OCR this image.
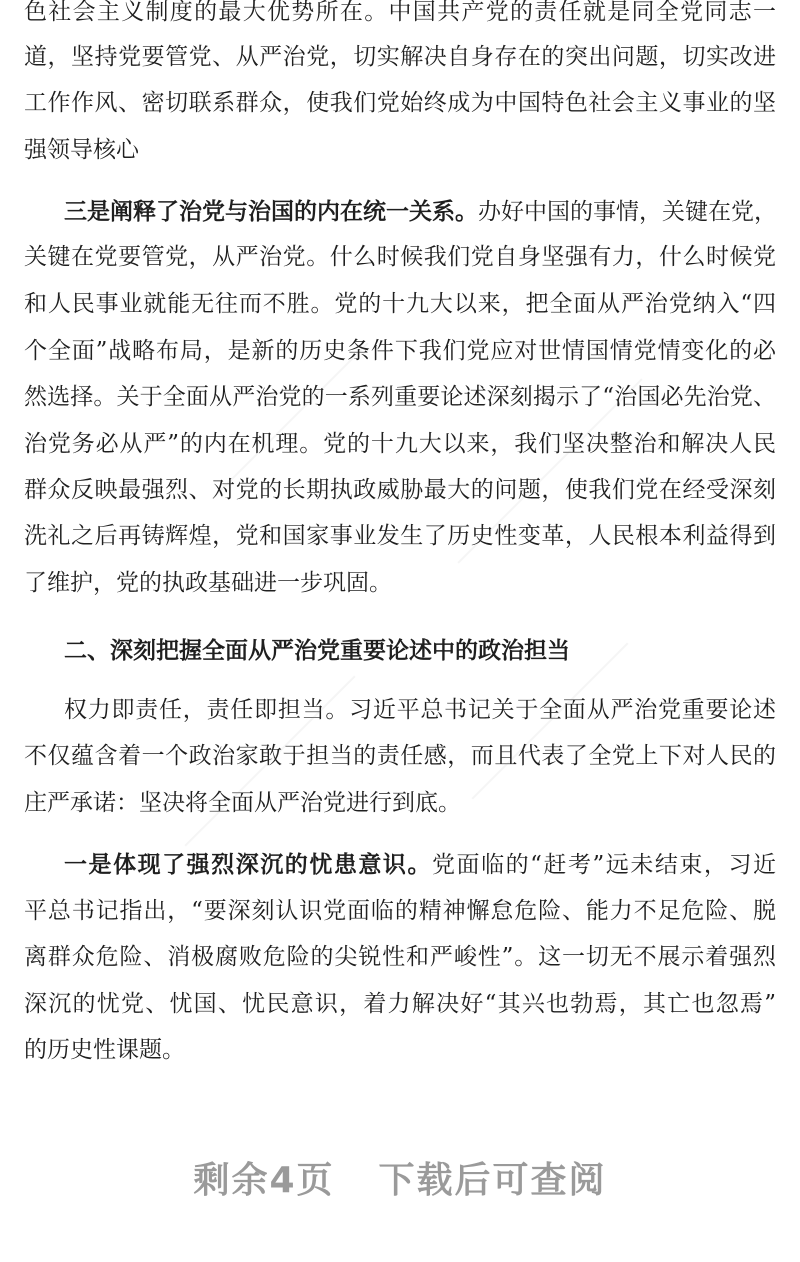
色社会主义制度的最大优势所在。中国共产党的责任就是同全党同志一
道，坚持党要管党、从严治党，切实解决自身存在的突出问题，切实改进
工作作风、密切联系群众，使我们党始终成为中国特色社会主义事业的坚
强领导核心
三是阐释了治党与治国的内在统一关系。办好中国的事情，关键在党，
关键在党要管党，从严治党。什么时候我们党自身坚强有力，什么时候党
和人民事业就能无往而不胜。党的十九大以来，把全面从严治党纳入“四
个全面”战略布局，是新的历史条件下我们党应对世情国情党情变化的必
然选择。关于全面从严治党的一系列重要论述深刻揭示了“治国必先治党、
治党务必从严”的内在机理。党的十九大以来，我们坚决整治和解决人民
群众反映最强烈、对党的长期执政威胁最大的问题，使我们党在经受深刻
洗礼之后再铸辉煌，党和国家事业发生了历史性变革，人民根本利益得到
了维护，党的执政基础进一步巩固。
二、深刻把握全面从严治党重要论述中的政治担当
权力即责任，责任即担当。习近平总书记关于全面从严治党重要论述
不仅蕴含着一个政治家敢于担当的责任感，而且代表了全党上下对人民的
庄严承诺：坚决将全面从严治党进行到底。
一是体现了强烈深沉的忧患意识。党面临的“赶考”远未结束，习近
平总书记指出，“要深刻认识党面临的精神懈怠危险、能力不足危险、脱
离群众危险、消极腐败危险的尖锐性和严峻性”。这一切无不展示着强烈
深沉的忧党、忧国、忧民意识，着力解决好“其兴也勃焉，其亡也忽焉”
的历史性课题。
剩余4页 下载后可查阅
